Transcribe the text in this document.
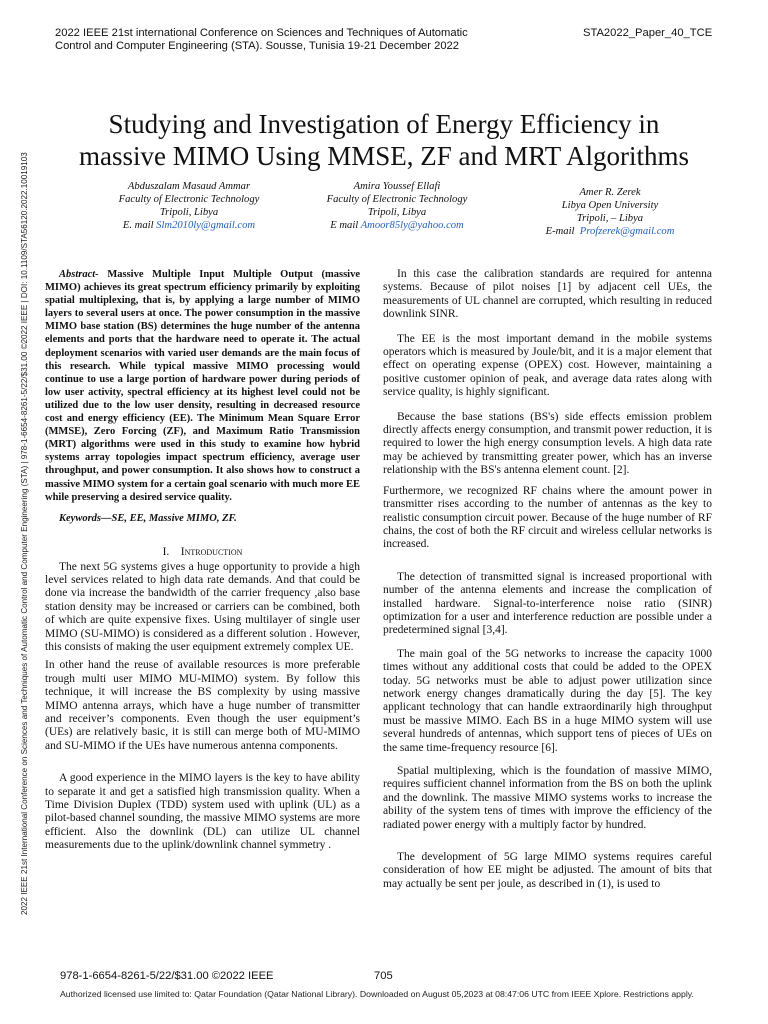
2022 IEEE 21st international Conference on Sciences and Techniques of Automatic
Control and Computer Engineering (STA). Sousse, Tunisia 19-21 December 2022
STA2022_Paper_40_TCE
2022 IEEE 21st International Conference on Sciences and Techniques of Automatic Control and Computer Engineering (STA) | 978-1-6654-8261-5/22/$31.00 ©2022 IEEE | DOI: 10.1109/STA56120.2022.10019103
Studying and Investigation of Energy Efficiency in
massive MIMO Using MMSE, ZF and MRT Algorithms
Abduszalam Masaud Ammar
Faculty of Electronic Technology
Tripoli, Libya
E. mail Slm2010ly@gmail.com
Amira Youssef Ellafi
Faculty of Electronic Technology
Tripoli, Libya
E mail Amoor85ly@yahoo.com
Amer R. Zerek
Libya Open University
Tripoli, – Libya
E-mail Profzerek@gmail.com

Abstract- Massive Multiple Input Multiple Output (massive MIMO) achieves its great spectrum efficiency primarily by exploiting spatial multiplexing, that is, by applying a large number of MIMO layers to several users at once. The power consumption in the massive MIMO base station (BS) determines the huge number of the antenna elements and ports that the hardware need to operate it. The actual deployment scenarios with varied user demands are the main focus of this research. While typical massive MIMO processing would continue to use a large portion of hardware power during periods of low user activity, spectral efficiency at its highest level could not be utilized due to the low user density, resulting in decreased resource cost and energy efficiency (EE). The Minimum Mean Square Error (MMSE), Zero Forcing (ZF), and Maximum Ratio Transmission (MRT) algorithms were used in this study to examine how hybrid systems array topologies impact spectrum efficiency, average user throughput, and power consumption. It also shows how to construct a massive MIMO system for a certain goal scenario with much more EE while preserving a desired service quality.

Keywords—SE, EE, Massive MIMO, ZF.

I. Introduction

The next 5G systems gives a huge opportunity to provide a high level services related to high data rate demands. And that could be done via increase the bandwidth of the carrier frequency ,also base station density may be increased or carriers can be combined, both of which are quite expensive fixes. Using multilayer of single user MIMO (SU-MIMO) is considered as a different solution . However, this consists of making the user equipment extremely complex UE.

In other hand the reuse of available resources is more preferable trough multi user MIMO MU-MIMO) system. By follow this technique, it will increase the BS complexity by using massive MIMO antenna arrays, which have a huge number of transmitter and receiver’s components. Even though the user equipment’s (UEs) are relatively basic, it is still can merge both of MU-MIMO and SU-MIMO if the UEs have numerous antenna components.

A good experience in the MIMO layers is the key to have ability to separate it and get a satisfied high transmission quality. When a Time Division Duplex (TDD) system used with uplink (UL) as a pilot-based channel sounding, the massive MIMO systems are more efficient. Also the downlink (DL) can utilize UL channel measurements due to the uplink/downlink channel symmetry .

In this case the calibration standards are required for antenna systems. Because of pilot noises [1] by adjacent cell UEs, the measurements of UL channel are corrupted, which resulting in reduced downlink SINR.

The EE is the most important demand in the mobile systems operators which is measured by Joule/bit, and it is a major element that effect on operating expense (OPEX) cost. However, maintaining a positive customer opinion of peak, and average data rates along with service quality, is highly significant.

Because the base stations (BS's) side effects emission problem directly affects energy consumption, and transmit power reduction, it is required to lower the high energy consumption levels. A high data rate may be achieved by transmitting greater power, which has an inverse relationship with the BS's antenna element count. [2].

Furthermore, we recognized RF chains where the amount power in transmitter rises according to the number of antennas as the key to realistic consumption circuit power. Because of the huge number of RF chains, the cost of both the RF circuit and wireless cellular networks is increased.

The detection of transmitted signal is increased proportional with number of the antenna elements and increase the complication of installed hardware. Signal-to-interference noise ratio (SINR) optimization for a user and interference reduction are possible under a predetermined signal [3,4].

The main goal of the 5G networks to increase the capacity 1000 times without any additional costs that could be added to the OPEX today. 5G networks must be able to adjust power utilization since network energy changes dramatically during the day [5]. The key applicant technology that can handle extraordinarily high throughput must be massive MIMO. Each BS in a huge MIMO system will use several hundreds of antennas, which support tens of pieces of UEs on the same time-frequency resource [6].

Spatial multiplexing, which is the foundation of massive MIMO, requires sufficient channel information from the BS on both the uplink and the downlink. The massive MIMO systems works to increase the ability of the system tens of times with improve the efficiency of the radiated power energy with a multiply factor by hundred.

The development of 5G large MIMO systems requires careful consideration of how EE might be adjusted. The amount of bits that may actually be sent per joule, as described in (1), is used to

978-1-6654-8261-5/22/$31.00 ©2022 IEEE	705
Authorized licensed use limited to: Qatar Foundation (Qatar National Library). Downloaded on August 05,2023 at 08:47:06 UTC from IEEE Xplore. Restrictions apply.
